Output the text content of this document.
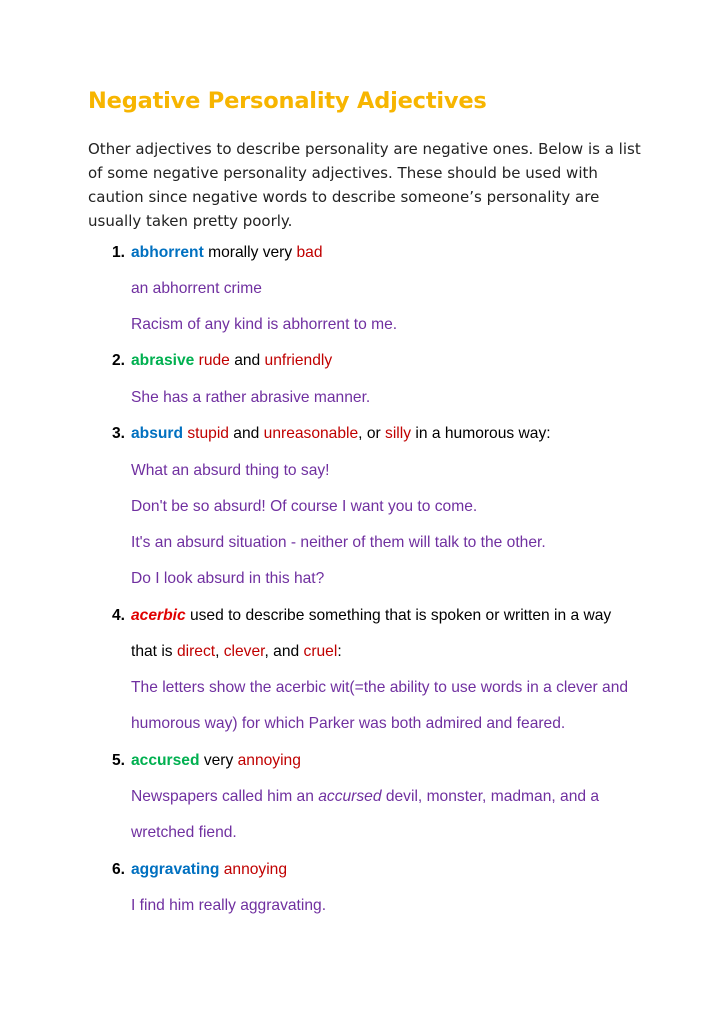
Negative Personality Adjectives

Other adjectives to describe personality are negative ones. Below is a list of some negative personality adjectives. These should be used with caution since negative words to describe someone’s personality are usually taken pretty poorly.

1. abhorrent morally very bad
an abhorrent crime
Racism of any kind is abhorrent to me.
2. abrasive rude and unfriendly
She has a rather abrasive manner.
3. absurd stupid and unreasonable, or silly in a humorous way:
What an absurd thing to say!
Don't be so absurd! Of course I want you to come.
It's an absurd situation - neither of them will talk to the other.
Do I look absurd in this hat?
4. acerbic used to describe something that is spoken or written in a way
that is direct, clever, and cruel:
The letters show the acerbic wit(=the ability to use words in a clever and
humorous way) for which Parker was both admired and feared.
5. accursed very annoying
Newspapers called him an accursed devil, monster, madman, and a
wretched fiend.
6. aggravating annoying
I find him really aggravating.
